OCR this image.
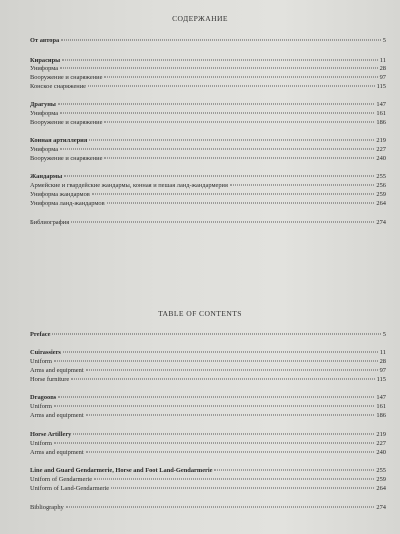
СОДЕРЖАНИЕ
От автора	5
Кирасиры	11
Униформа	28
Вооружение и снаряжение	97
Конское снаряжение	115
Драгуны	147
Униформа	161
Вооружение и снаряжение	186
Конная артиллерия	219
Униформа	227
Вооружение и снаряжение	240
Жандармы	255
Армейские и гвардейские жандармы, конная и пешая ланд-жандармерия	256
Униформа жандармов	259
Униформа ланд-жандармов	264
Библиография	274
TABLE OF CONTENTS
Preface	5
Cuirassiers	11
Uniform	28
Arms and equipment	97
Horse furniture	115
Dragoons	147
Uniform	161
Arms and equipment	186
Horse Artillery	219
Uniform	227
Arms and equipment	240
Line and Guard Gendarmerie, Horse and Foot Land-Gendarmerie	255
Uniforn of Gendarmerie	259
Uniform of Land-Gendarmerie	264
Bibliography	274
